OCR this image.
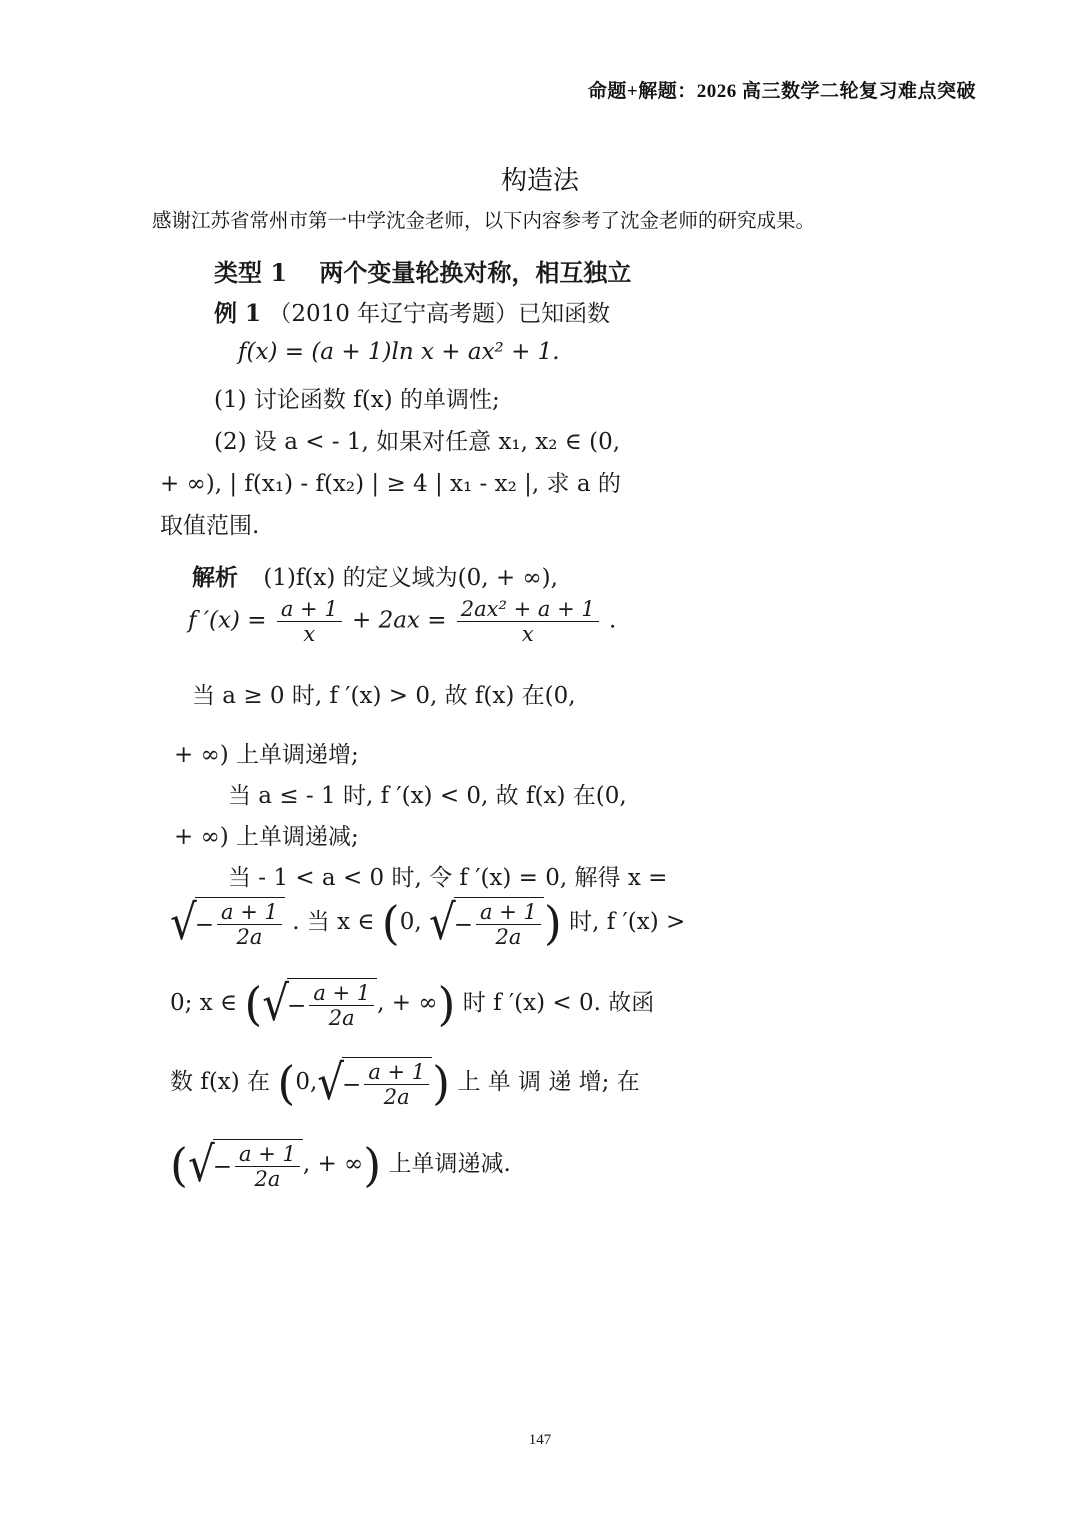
命题+解题：2026 高三数学二轮复习难点突破
构造法
感谢江苏省常州市第一中学沈金老师，以下内容参考了沈金老师的研究成果。
类型 1　 两个变量轮换对称，相互独立
例 1 （2010 年辽宁高考题）已知函数
f(x) = (a + 1)ln x + ax² + 1.
(1) 讨论函数 f(x) 的单调性;
(2) 设 a < - 1, 如果对任意 x₁, x₂ ∈ (0,
+ ∞), | f(x₁) - f(x₂) | ≥ 4 | x₁ - x₂ |, 求 a 的
取值范围.
解析 (1)f(x) 的定义域为(0, + ∞),
f $'(x) = \frac{a + 1}{x} + 2ax = \frac{\text{2ax² + a + 1}}{x}$ .
当 a ≥ 0 时, f ′(x) > 0, 故 f(x) 在(0,
+ ∞) 上单调递增;
当 a ≤ - 1 时, f ′(x) < 0, 故 f(x) 在(0,
+ ∞) 上单调递减;
当 - 1 < a < 0 时, 令 f ′(x) = 0, 解得 x =
√
− $\frac{a + 1}{2a}$ . 当 x ∈ (0, √
− $\frac{a + 1}{2a}$ ) 时, f ′(x) >
0; x ∈ ( √
− $\frac{a + 1}{2a}$ , + ∞) 时 f ′(x) < 0. 故函
数 f(x) 在 (0, √
− $\frac{a + 1}{2a}$ ) 上 单 调 递 增; 在
( √
− $\frac{a + 1}{2a}$ , + ∞) 上单调递减.
147
